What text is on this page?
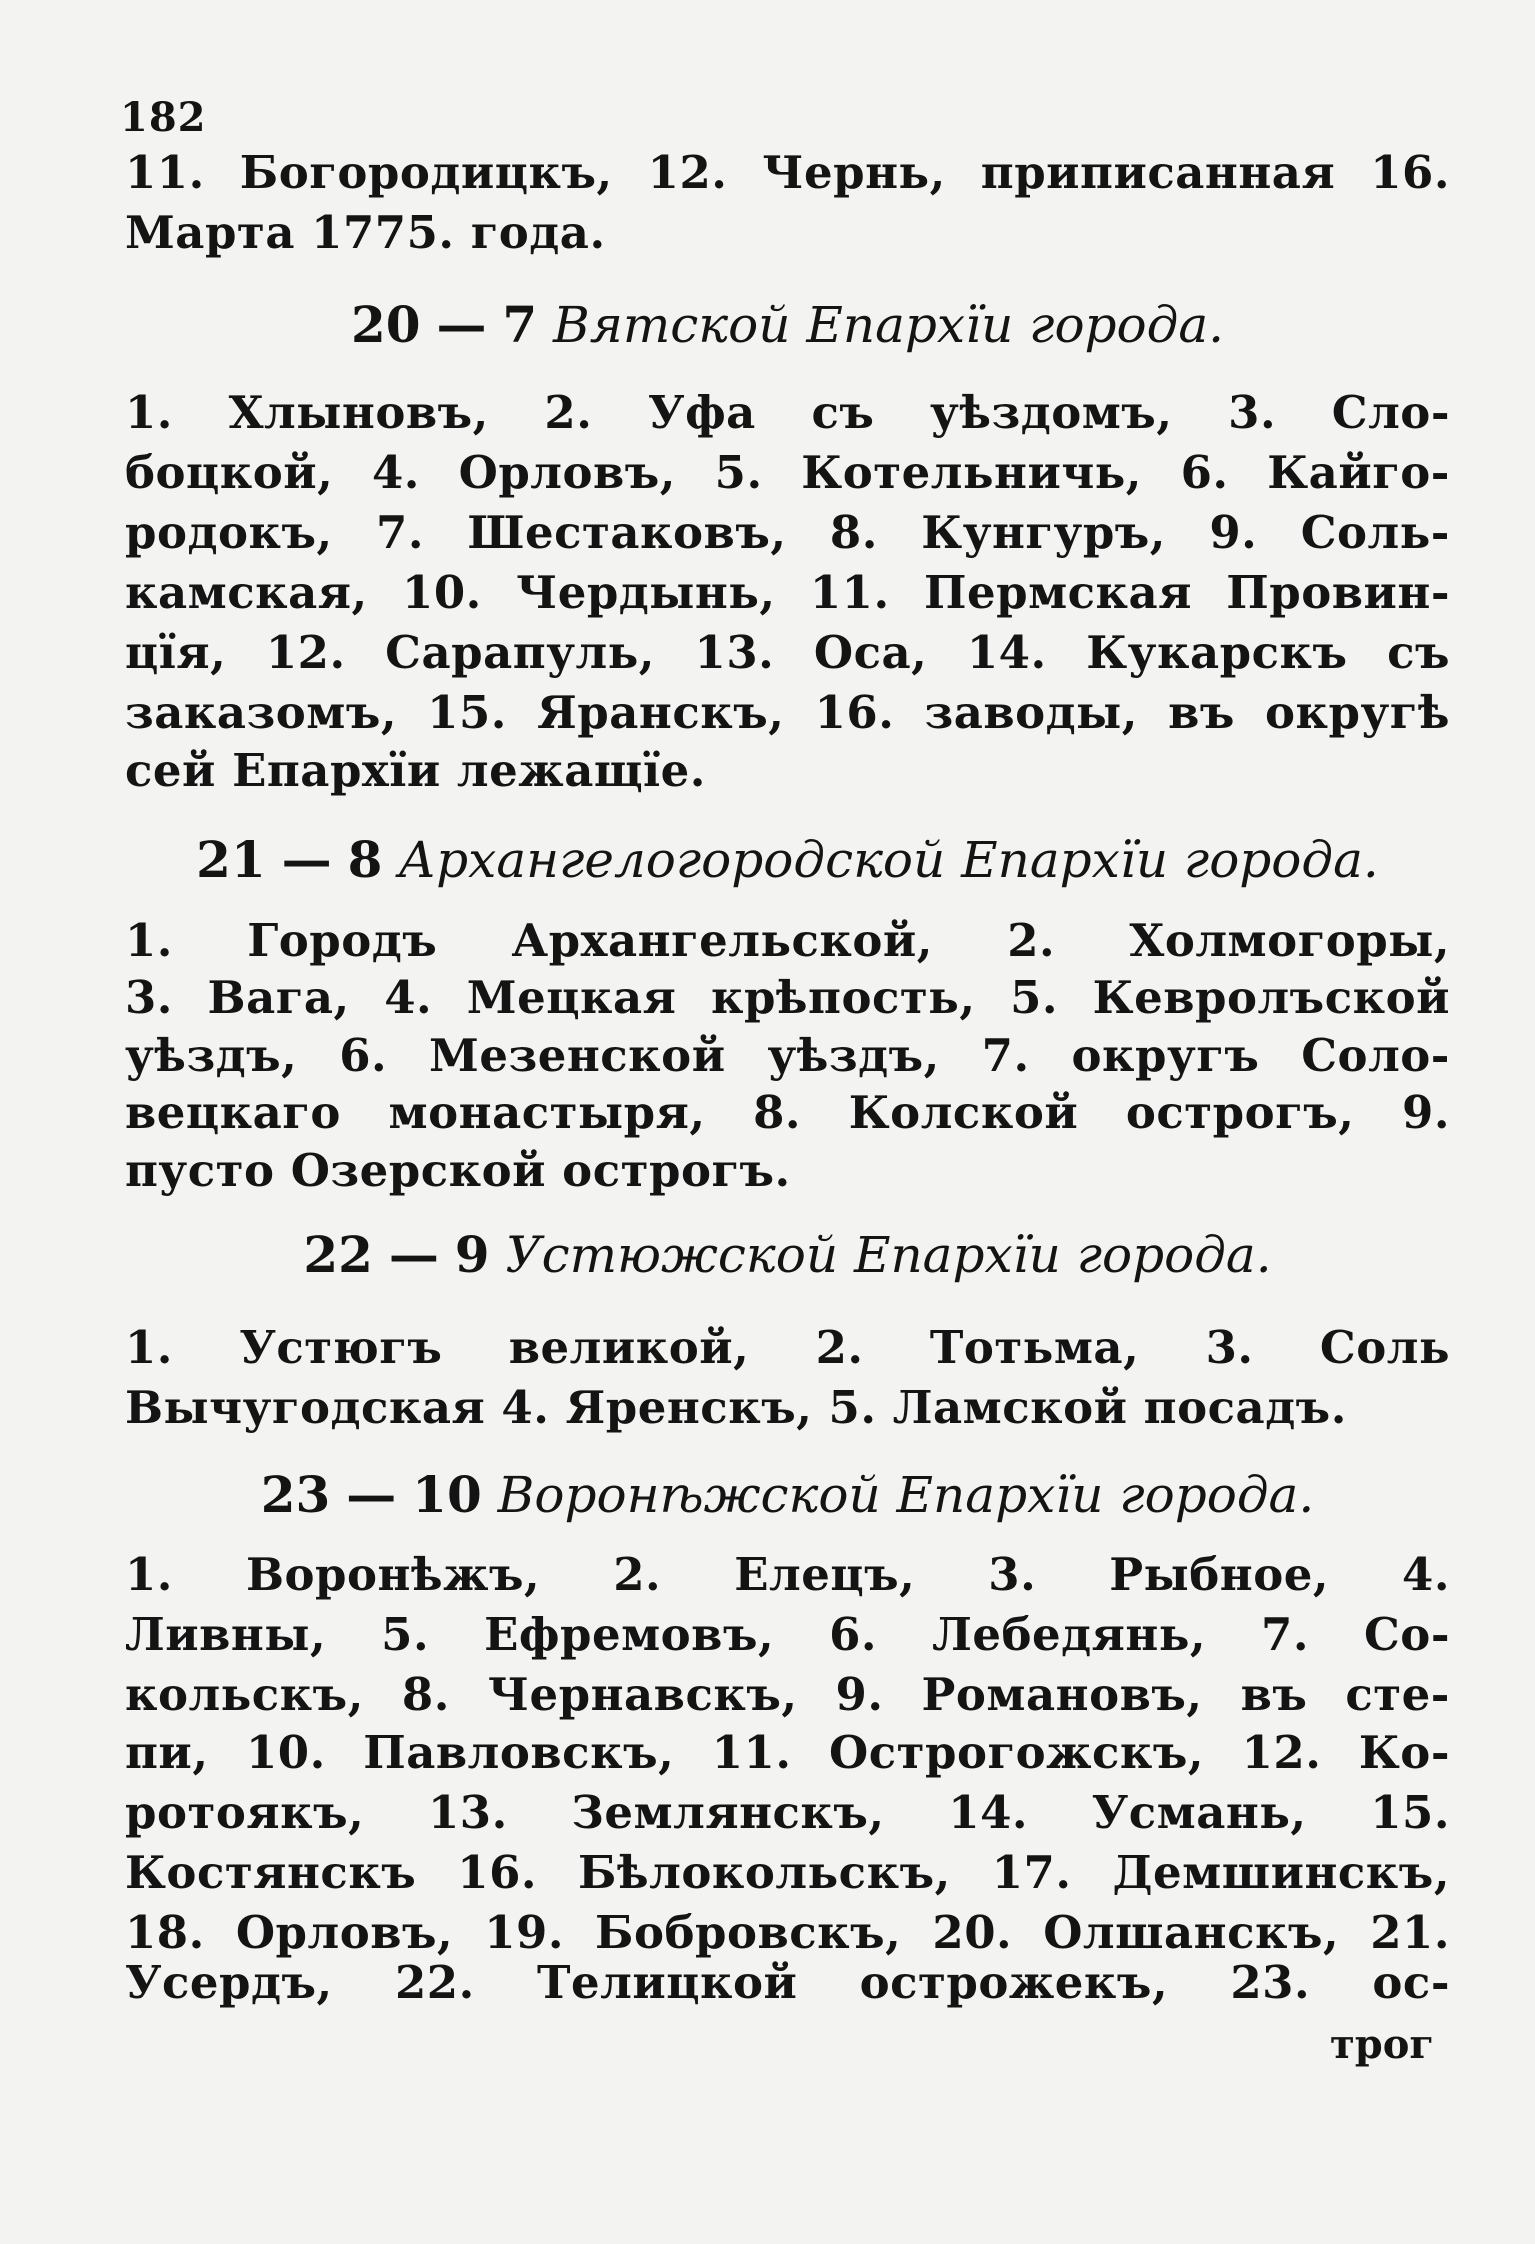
182
11. Богородицкъ, 12. Чернь, приписанная 16.
Марта 1775. года.
20 — 7 Вятской Епархїи города.
1. Хлыновъ, 2. Уфа съ уѣздомъ, 3. Сло-
боцкой, 4. Орловъ, 5. Котельничь, 6. Кайго-
родокъ, 7. Шестаковъ, 8. Кунгуръ, 9. Соль-
камская, 10. Чердынь, 11. Пермская Провин-
цїя, 12. Сарапуль, 13. Оса, 14. Кукарскъ съ
заказомъ, 15. Яранскъ, 16. заводы, въ округѣ
сей Епархїи лежащїе.
21 — 8 Архангелогородской Епархїи города.
1. Городъ Архангельской, 2. Холмогоры,
3. Вага, 4. Мецкая крѣпость, 5. Кевролъской
уѣздъ, 6. Мезенской уѣздъ, 7. округъ Соло-
вецкаго монастыря, 8. Колской острогъ, 9.
пусто Озерской острогъ.
22 — 9 Устюжской Епархїи города.
1. Устюгъ великой, 2. Тотьма, 3. Соль
Вычугодская 4. Яренскъ, 5. Ламской посадъ.
23 — 10 Воронѣжской Епархїи города.
1. Воронѣжъ, 2. Елецъ, 3. Рыбное, 4.
Ливны, 5. Ефремовъ, 6. Лебедянь, 7. Со-
кольскъ, 8. Чернавскъ, 9. Романовъ, въ сте-
пи, 10. Павловскъ, 11. Острогожскъ, 12. Ко-
ротоякъ, 13. Землянскъ, 14. Усмань, 15.
Костянскъ 16. Бѣлокольскъ, 17. Демшинскъ,
18. Орловъ, 19. Бобровскъ, 20. Олшанскъ, 21.
Усердъ, 22. Телицкой острожекъ, 23. ос-
трог
